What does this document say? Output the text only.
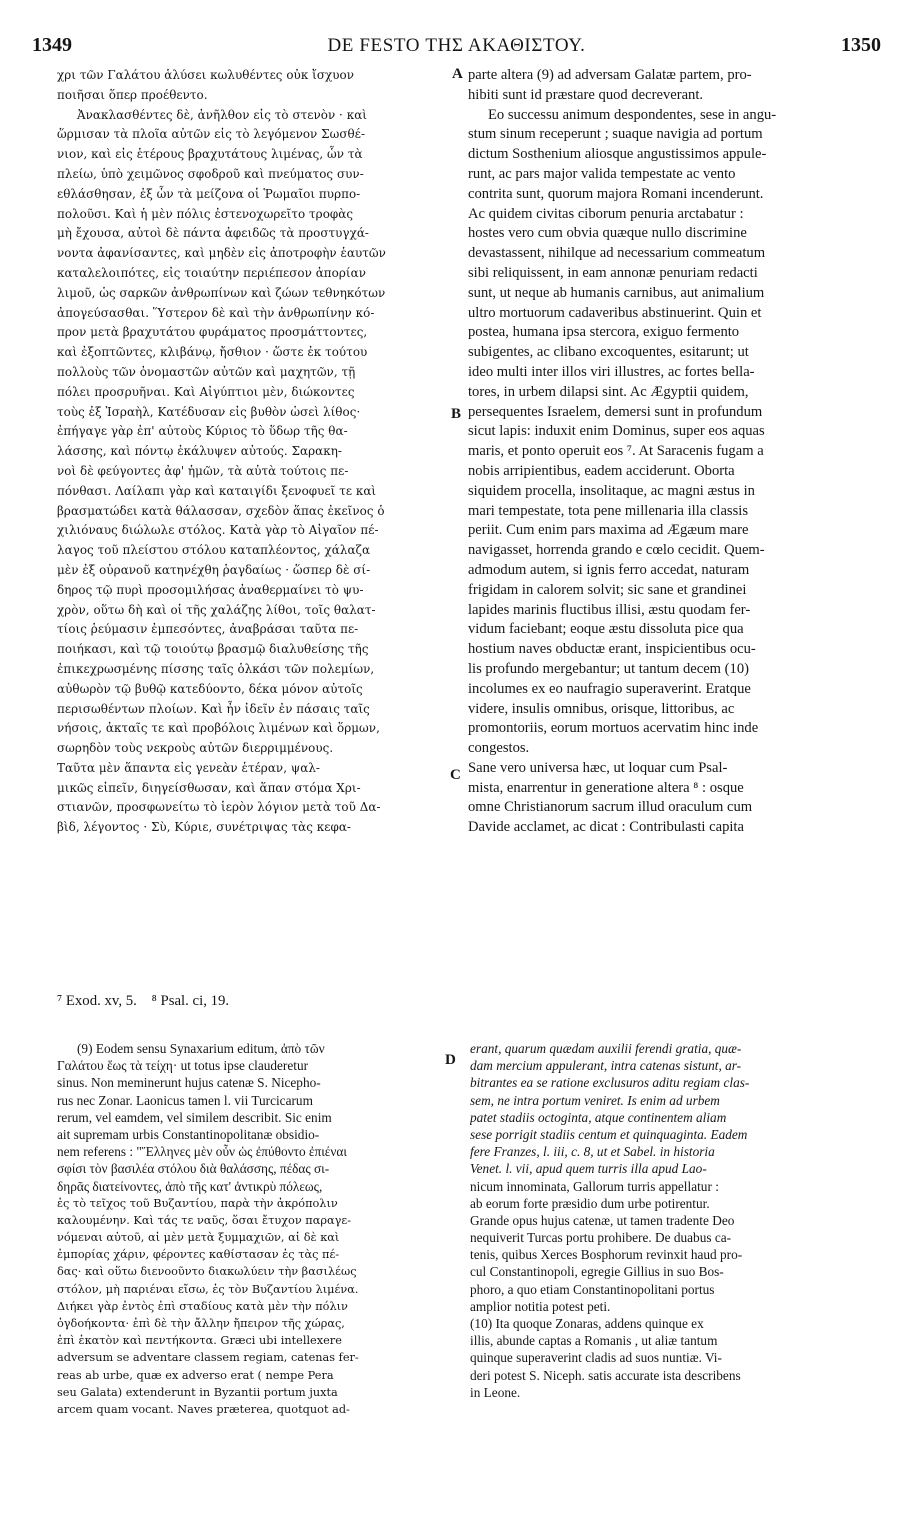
1349	DE FESTO ΤΗΣ ΑΚΑΘΙΣΤΟΥ.	1350
χρι τῶν Γαλάτου ἁλύσει κωλυθέντες οὐκ ἴσχυον
ποιῆσαι ὅπερ προέθεντο.
Ἀνακλασθέντες δὲ, ἀνῆλθον εἰς τὸ στενὸν · καὶ
ὥρμισαν τὰ πλοῖα αὐτῶν εἰς τὸ λεγόμενον Σωσθέ-
νιον, καὶ εἰς ἑτέρους βραχυτάτους λιμένας, ὧν τὰ
πλείω, ὑπὸ χειμῶνος σφοδροῦ καὶ πνεύματος συν-
εθλάσθησαν, ἐξ ὧν τὰ μείζονα οἱ Ῥωμαῖοι πυρπο-
πολοῦσι. Καὶ ἡ μὲν πόλις ἐστενοχωρεῖτο τροφὰς
μὴ ἔχουσα, αὐτοὶ δὲ πάντα ἀφειδῶς τὰ προστυγχά-
νοντα ἀφανίσαντες, καὶ μηδὲν εἰς ἀποτροφὴν ἑαυτῶν
καταλελοιπότες, εἰς τοιαύτην περιέπεσον ἀπορίαν
λιμοῦ, ὡς σαρκῶν ἀνθρωπίνων καὶ ζώων τεθνηκότων
ἀπογεύσασθαι. Ὕστερον δὲ καὶ τὴν ἀνθρωπίνην κό-
προν μετὰ βραχυτάτου φυράματος προσμάττοντες,
καὶ ἐξοπτῶντες, κλιβάνῳ, ἤσθιον · ὥστε ἐκ τούτου
πολλοὺς τῶν ὀνομαστῶν αὐτῶν καὶ μαχητῶν, τῇ
πόλει προσρυῆναι. Καὶ Αἰγύπτιοι μὲν, διώκοντες
τοὺς ἐξ Ἰσραὴλ, Κατέδυσαν εἰς βυθὸν ὡσεὶ λίθος·
ἐπήγαγε γὰρ ἐπ' αὐτοὺς Κύριος τὸ ὕδωρ τῆς θα-
λάσσης, καὶ πόντῳ ἐκάλυψεν αὐτούς. Σαρακη-
νοὶ δὲ φεύγοντες ἀφ' ἡμῶν, τὰ αὐτὰ τούτοις πε-
πόνθασι. Λαίλαπι γὰρ καὶ καταιγίδι ξενοφυεῖ τε καὶ
βρασματώδει κατὰ θάλασσαν, σχεδὸν ἅπας ἐκεῖνος ὁ
χιλιόναυς διώλωλε στόλος. Κατὰ γὰρ τὸ Αἰγαῖον πέ-
λαγος τοῦ πλείστου στόλου καταπλέοντος, χάλαζα
μὲν ἐξ οὐρανοῦ κατηνέχθη ῥαγδαίως · ὥσπερ δὲ σί-
δηρος τῷ πυρὶ προσομιλήσας ἀναθερμαίνει τὸ ψυ-
χρὸν, οὕτω δὴ καὶ οἱ τῆς χαλάζης λίθοι, τοῖς θαλατ-
τίοις ῥεύμασιν ἐμπεσόντες, ἀναβράσαι ταῦτα πε-
ποιήκασι, καὶ τῷ τοιούτῳ βρασμῷ διαλυθείσης τῆς
ἐπικεχρωσμένης πίσσης ταῖς ὁλκάσι τῶν πολεμίων,
αὐθωρὸν τῷ βυθῷ κατεδύοντο, δέκα μόνον αὐτοῖς
περισωθέντων πλοίων. Καὶ ἦν ἰδεῖν ἐν πάσαις ταῖς
νήσοις, ἀκταῖς τε καὶ προβόλοις λιμένων καὶ ὅρμων,
σωρηδὸν τοὺς νεκροὺς αὐτῶν διερριμμένους.
Ταῦτα μὲν ἅπαντα εἰς γενεὰν ἑτέραν, ψαλ-
μικῶς εἰπεῖν, διηγείσθωσαν, καὶ ἅπαν στόμα Χρι-
στιανῶν, προσφωνείτω τὸ ἱερὸν λόγιον μετὰ τοῦ Δα-
βὶδ, λέγοντος · Σὺ, Κύριε, συνέτριψας τὰς κεφα-
A
B
C
D
parte altera (9) ad adversam Galatæ partem, pro-
hibiti sunt id præstare quod decreverant.
Eo successu animum despondentes, sese in angu-
stum sinum receperunt ; suaque navigia ad portum
dictum Sosthenium aliosque angustissimos appule-
runt, ac pars major valida tempestate ac vento
contrita sunt, quorum majora Romani incenderunt.
Ac quidem civitas ciborum penuria arctabatur :
hostes vero cum obvia quæque nullo discrimine
devastassent, nihilque ad necessarium commeatum
sibi reliquissent, in eam annonæ penuriam redacti
sunt, ut neque ab humanis carnibus, aut animalium
ultro mortuorum cadaveribus abstinuerint. Quin et
postea, humana ipsa stercora, exiguo fermento
subigentes, ac clibano excoquentes, esitarunt; ut
ideo multi inter illos viri illustres, ac fortes bella-
tores, in urbem dilapsi sint. Ac Ægyptii quidem,
persequentes Israelem, demersi sunt in profundum
sicut lapis: induxit enim Dominus, super eos aquas
maris, et ponto operuit eos ⁷. At Saracenis fugam a
nobis arripientibus, eadem acciderunt. Oborta
siquidem procella, insolitaque, ac magni æstus in
mari tempestate, tota pene millenaria illa classis
periit. Cum enim pars maxima ad Ægæum mare
navigasset, horrenda grando e cœlo cecidit. Quem-
admodum autem, si ignis ferro accedat, naturam
frigidam in calorem solvit; sic sane et grandinei
lapides marinis fluctibus illisi, æstu quodam fer-
vidum faciebant; eoque æstu dissoluta pice qua
hostium naves obductæ erant, inspicientibus ocu-
lis profundo mergebantur; ut tantum decem (10)
incolumes ex eo naufragio superaverint. Eratque
videre, insulis omnibus, orisque, littoribus, ac
promontoriis, eorum mortuos acervatim hinc inde
congestos.
Sane vero universa hæc, ut loquar cum Psal-
mista, enarrentur in generatione altera ⁸ : osque
omne Christianorum sacrum illud oraculum cum
Davide acclamet, ac dicat : Contribulasti capita
⁷ Exod. xv, 5. ⁸ Psal. ci, 19.
(9) Eodem sensu Synaxarium editum, ἀπὸ τῶν
Γαλάτου ἕως τὰ τείχη· ut totus ipse clauderetur
sinus. Non meminerunt hujus catenæ S. Nicepho-
rus nec Zonar. Laonicus tamen l. vii Turcicarum
rerum, vel eamdem, vel similem describit. Sic enim
ait supremam urbis Constantinopolitanæ obsidio-
nem referens : "Ἕλληνες μὲν οὖν ὡς ἐπύθοντο ἐπιέναι
σφίσι τὸν βασιλέα στόλου διὰ θαλάσσης, πέδας σι-
δηρᾶς διατείνοντες, ἀπὸ τῆς κατ' ἀντικρὺ πόλεως,
ἐς τὸ τεῖχος τοῦ Βυζαντίου, παρὰ τὴν ἀκρόπολιν
καλουμένην. Καὶ τάς τε ναῦς, ὅσαι ἔτυχον παραγε-
νόμεναι αὐτοῦ, αἱ μὲν μετὰ ξυμμαχιῶν, αἱ δὲ καὶ
ἐμπορίας χάριν, φέροντες καθίστασαν ἐς τὰς πέ-
δας· καὶ οὕτω διενοοῦντο διακωλύειν τὴν βασιλέως
στόλον, μὴ παριέναι εἴσω, ἐς τὸν Βυζαντίου λιμένα.
Διήκει γὰρ ἐντὸς ἐπὶ σταδίους κατὰ μὲν τὴν πόλιν
ὀγδοήκοντα· ἐπὶ δὲ τὴν ἄλλην ἤπειρον τῆς χώρας,
ἐπὶ ἑκατὸν καὶ πεντήκοντα. Græci ubi intellexere
adversum se adventare classem regiam, catenas fer-
reas ab urbe, quæ ex adverso erat ( nempe Pera
seu Galata) extenderunt in Byzantii portum juxta
arcem quam vocant. Naves præterea, quotquot ad-
erant, quarum quædam auxilii ferendi gratia, quæ-
dam mercium appulerant, intra catenas sistunt, ar-
bitrantes ea se ratione exclusuros aditu regiam clas-
sem, ne intra portum veniret. Is enim ad urbem
patet stadiis octoginta, atque continentem aliam
sese porrigit stadiis centum et quinquaginta. Eadem
fere Franzes, l. iii, c. 8, ut et Sabel. in historia
Venet. l. vii, apud quem turris illa apud Lao-
nicum innominata, Gallorum turris appellatur :
ab eorum forte præsidio dum urbe potirentur.
Grande opus hujus catenæ, ut tamen tradente Deo
nequiverit Turcas portu prohibere. De duabus ca-
tenis, quibus Xerces Bosphorum revinxit haud pro-
cul Constantinopoli, egregie Gillius in suo Bos-
phoro, a quo etiam Constantinopolitani portus
amplior notitia potest peti.
(10) Ita quoque Zonaras, addens quinque ex
illis, abunde captas a Romanis , ut aliæ tantum
quinque superaverint cladis ad suos nuntiæ. Vi-
deri potest S. Niceph. satis accurate ista describens
in Leone.
